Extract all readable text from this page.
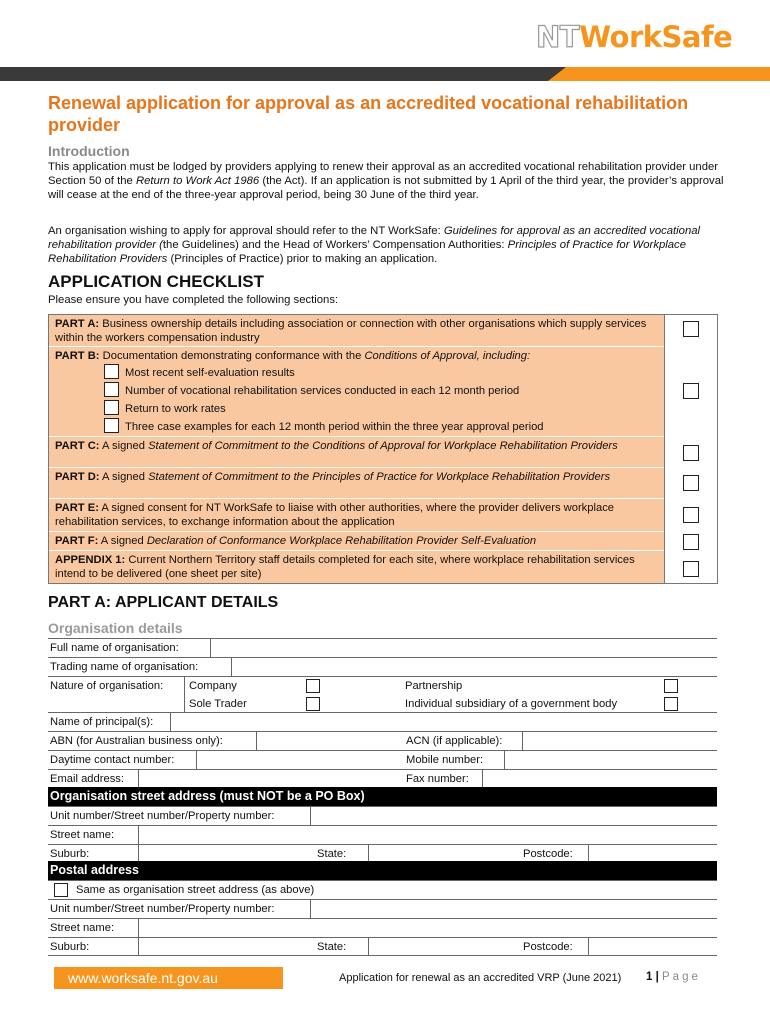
NTWorkSafe
Renewal application for approval as an accredited vocational rehabilitation provider
Introduction
This application must be lodged by providers applying to renew their approval as an accredited vocational rehabilitation provider under Section 50 of the Return to Work Act 1986 (the Act). If an application is not submitted by 1 April of the third year, the provider’s approval will cease at the end of the three-year approval period, being 30 June of the third year.
An organisation wishing to apply for approval should refer to the NT WorkSafe: Guidelines for approval as an accredited vocational rehabilitation provider (the Guidelines) and the Head of Workers’ Compensation Authorities: Principles of Practice for Workplace Rehabilitation Providers (Principles of Practice) prior to making an application.
APPLICATION CHECKLIST
Please ensure you have completed the following sections:
PART A: Business ownership details including association or connection with other organisations which supply services within the workers compensation industry
PART B: Documentation demonstrating conformance with the Conditions of Approval, including:
Most recent self-evaluation results
Number of vocational rehabilitation services conducted in each 12 month period
Return to work rates
Three case examples for each 12 month period within the three year approval period
PART C: A signed Statement of Commitment to the Conditions of Approval for Workplace Rehabilitation Providers
PART D: A signed Statement of Commitment to the Principles of Practice for Workplace Rehabilitation Providers
PART E: A signed consent for NT WorkSafe to liaise with other authorities, where the provider delivers workplace rehabilitation services, to exchange information about the application
PART F: A signed Declaration of Conformance Workplace Rehabilitation Provider Self-Evaluation
APPENDIX 1: Current Northern Territory staff details completed for each site, where workplace rehabilitation services intend to be delivered (one sheet per site)
PART A: APPLICANT DETAILS
Organisation details
Full name of organisation:
Trading name of organisation:
Nature of organisation: Company	Partnership
Sole Trader	Individual subsidiary of a government body
Name of principal(s):
ABN (for Australian business only):	ACN (if applicable):
Daytime contact number:	Mobile number:
Email address:	Fax number:
Organisation street address (must NOT be a PO Box)
Unit number/Street number/Property number:
Street name:
Suburb:	State:	Postcode:
Postal address
Same as organisation street address (as above)
Unit number/Street number/Property number:
Street name:
Suburb:	State:	Postcode:
www.worksafe.nt.gov.au	Application for renewal as an accredited VRP (June 2021) 1 | Page
